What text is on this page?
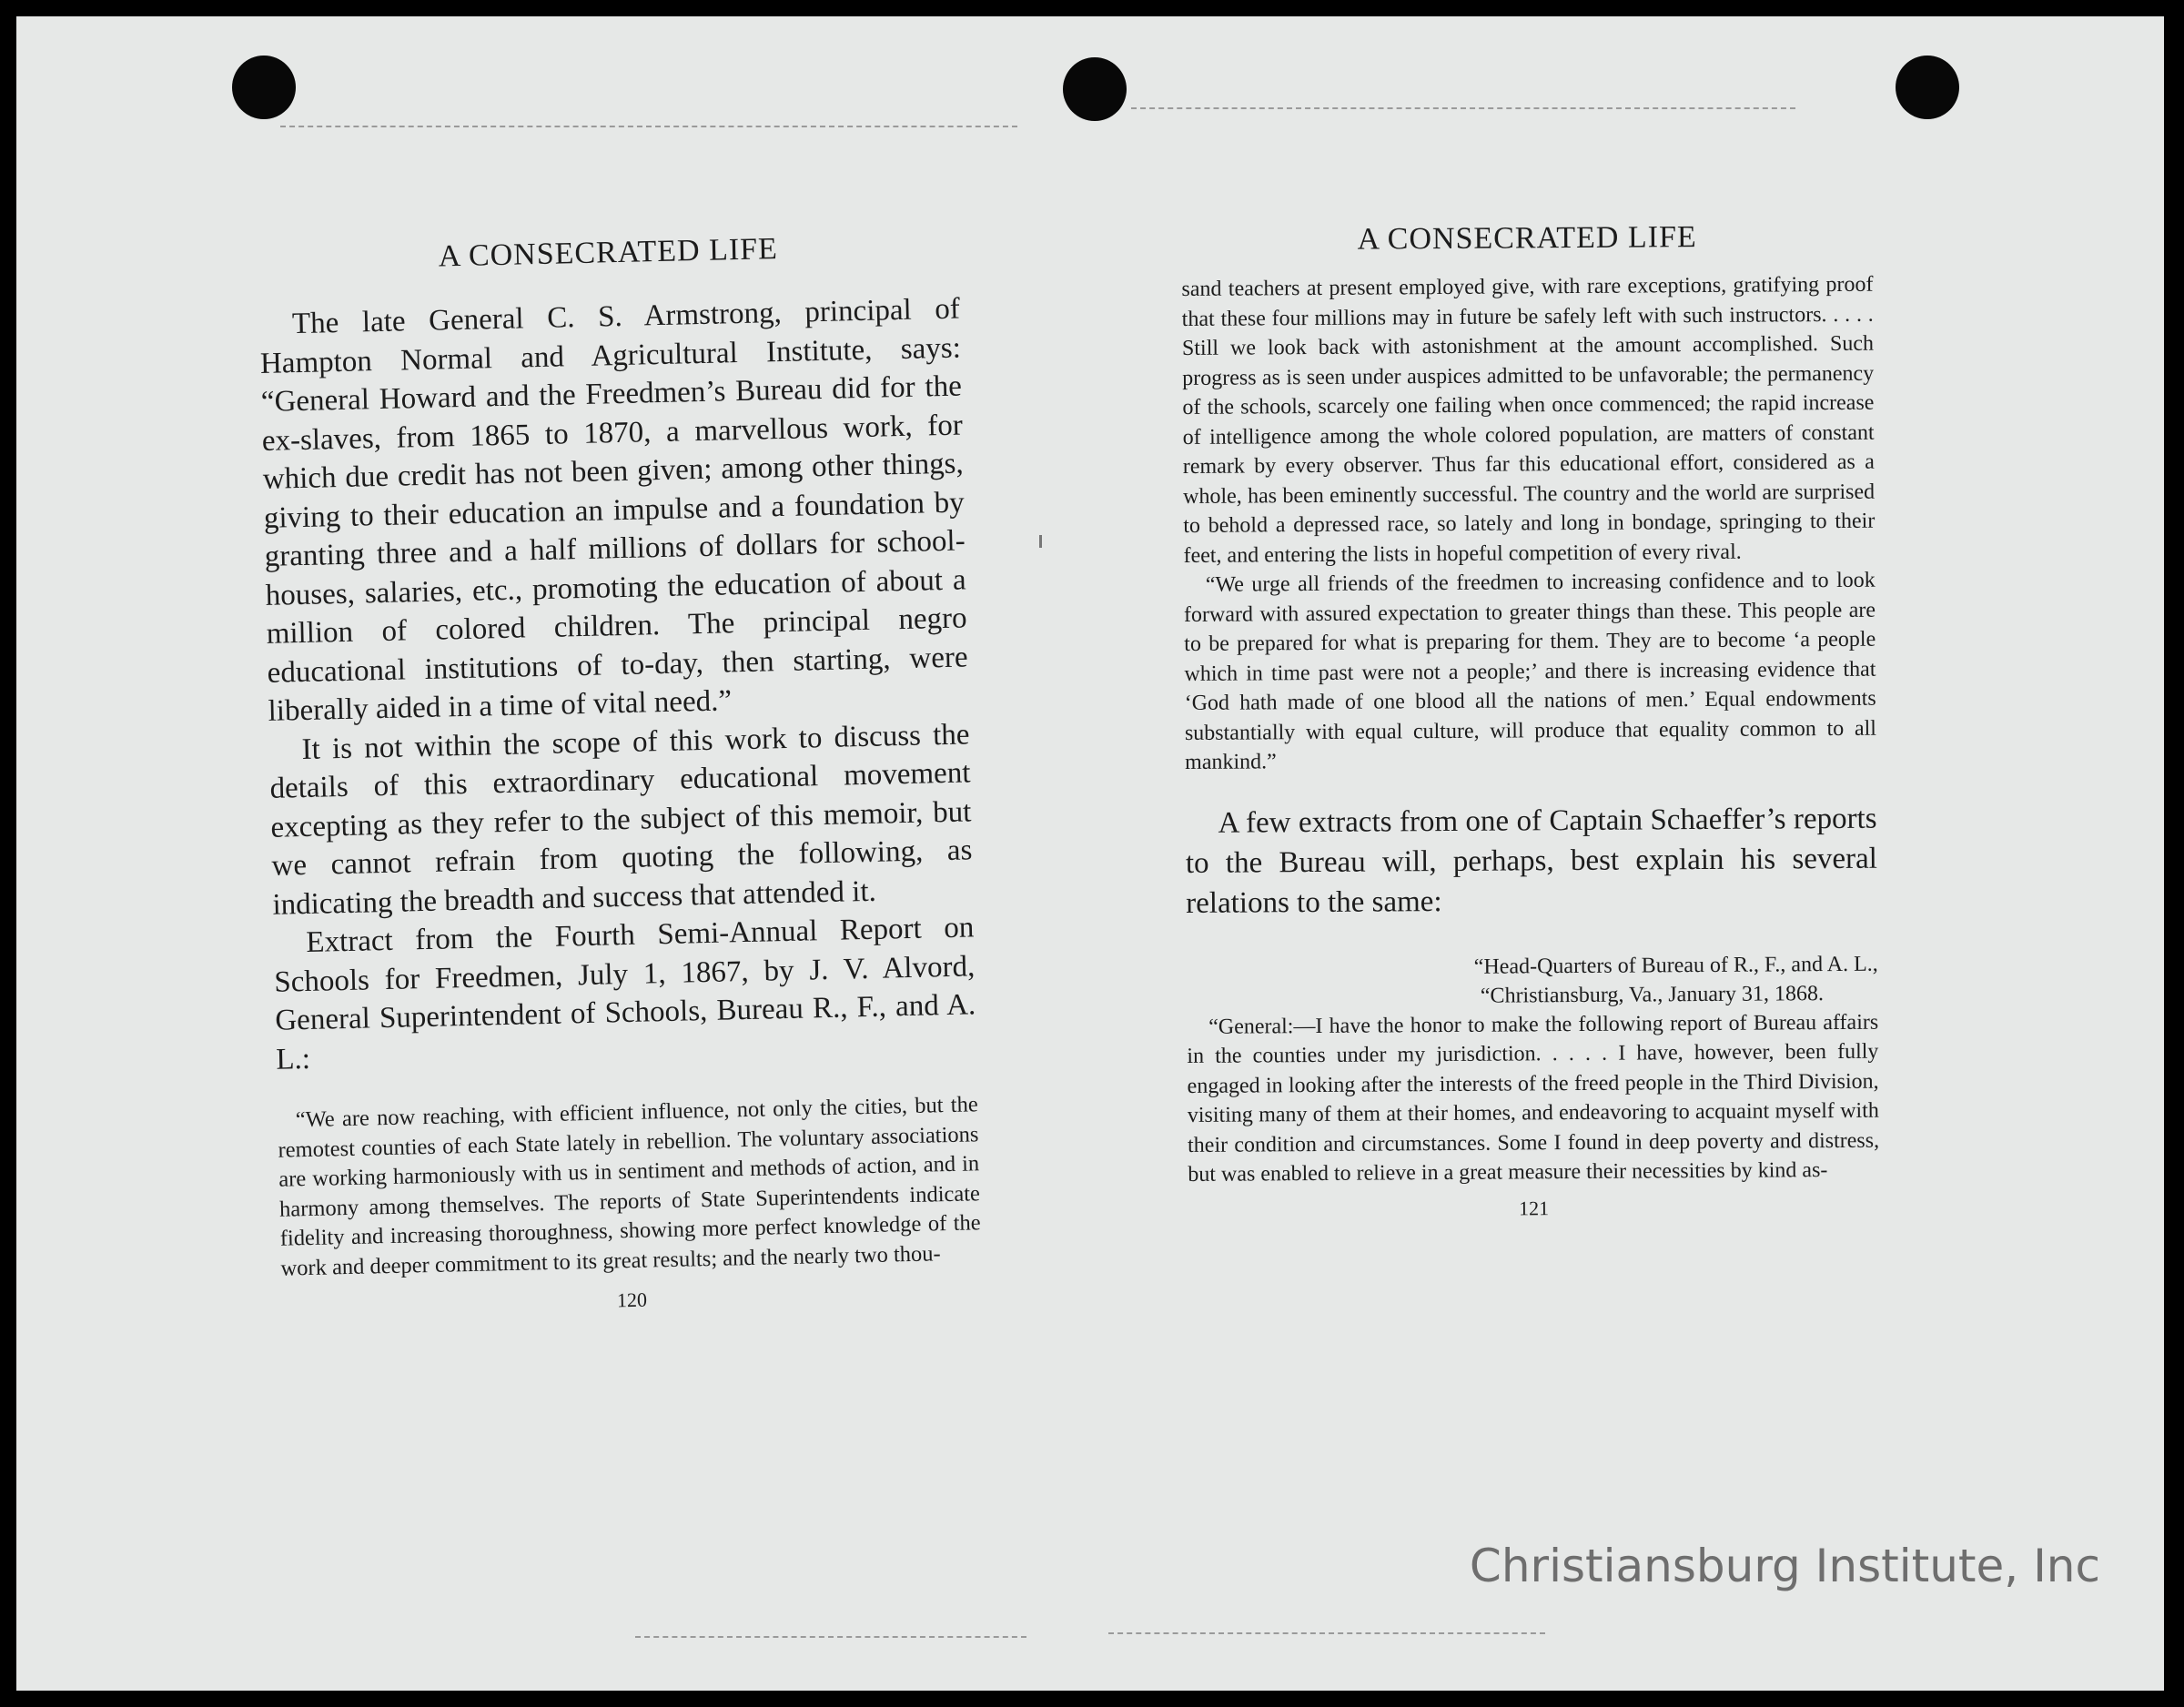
A CONSECRATED LIFE

The late General C. S. Armstrong, principal of Hampton Normal and Agricultural Institute, says: “General Howard and the Freedmen’s Bureau did for the ex-slaves, from 1865 to 1870, a marvellous work, for which due credit has not been given; among other things, giving to their education an impulse and a foundation by granting three and a half millions of dollars for school-houses, salaries, etc., promoting the education of about a million of colored children. The principal negro educational institutions of to-day, then starting, were liberally aided in a time of vital need.”

It is not within the scope of this work to discuss the details of this extraordinary educational movement excepting as they refer to the subject of this memoir, but we cannot refrain from quoting the following, as indicating the breadth and success that attended it.

Extract from the Fourth Semi-Annual Report on Schools for Freedmen, July 1, 1867, by J. V. Alvord, General Superintendent of Schools, Bureau R., F., and A. L.:

“We are now reaching, with efficient influence, not only the cities, but the remotest counties of each State lately in rebellion. The voluntary associations are working harmoniously with us in sentiment and methods of action, and in harmony among themselves. The reports of State Superintendents indicate fidelity and increasing thoroughness, showing more perfect knowledge of the work and deeper commitment to its great results; and the nearly two thou-

120
A CONSECRATED LIFE

sand teachers at present employed give, with rare exceptions, gratifying proof that these four millions may in future be safely left with such instructors. . . . . Still we look back with astonishment at the amount accomplished. Such progress as is seen under auspices admitted to be unfavorable; the permanency of the schools, scarcely one failing when once commenced; the rapid increase of intelligence among the whole colored population, are matters of constant remark by every observer. Thus far this educational effort, considered as a whole, has been eminently successful. The country and the world are surprised to behold a depressed race, so lately and long in bondage, springing to their feet, and entering the lists in hopeful competition of every rival.

“We urge all friends of the freedmen to increasing confidence and to look forward with assured expectation to greater things than these. This people are to be prepared for what is preparing for them. They are to become ‘a people which in time past were not a people;’ and there is increasing evidence that ‘God hath made of one blood all the nations of men.’ Equal endowments substantially with equal culture, will produce that equality common to all mankind.”

A few extracts from one of Captain Schaeffer’s reports to the Bureau will, perhaps, best explain his several relations to the same:

“Head-Quarters of Bureau of R., F., and A. L.,
“Christiansburg, Va., January 31, 1868.

“General:—I have the honor to make the following report of Bureau affairs in the counties under my jurisdiction. . . . . I have, however, been fully engaged in looking after the interests of the freed people in the Third Division, visiting many of them at their homes, and endeavoring to acquaint myself with their condition and circumstances. Some I found in deep poverty and distress, but was enabled to relieve in a great measure their necessities by kind as-

121
Christiansburg Institute, Inc
